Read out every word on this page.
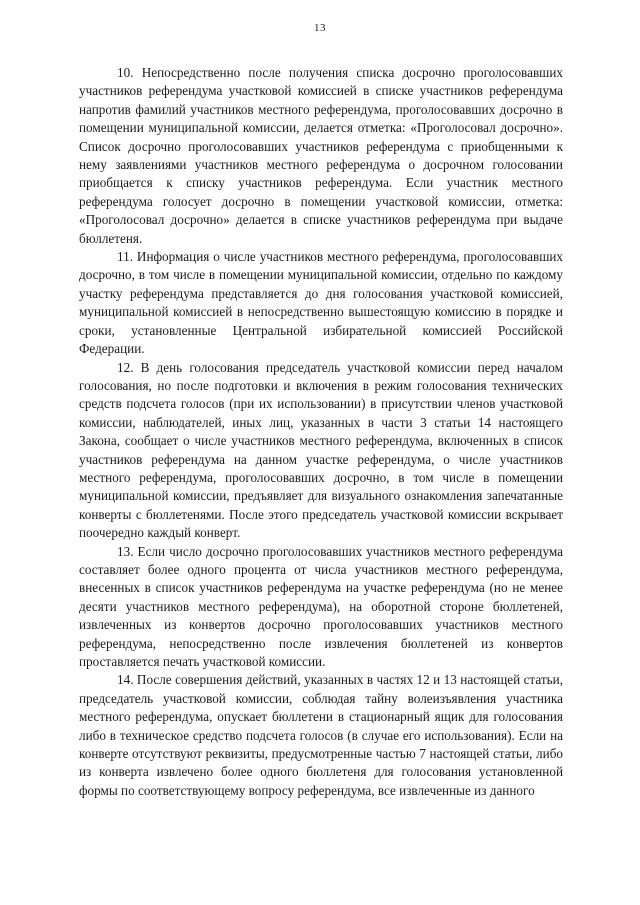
13

10. Непосредственно после получения списка досрочно проголосовавших участников референдума участковой комиссией в списке участников референдума напротив фамилий участников местного референдума, проголосовавших досрочно в помещении муниципальной комиссии, делается отметка: «Проголосовал досрочно». Список досрочно проголосовавших участников референдума с приобщенными к нему заявлениями участников местного референдума о досрочном голосовании приобщается к списку участников референдума. Если участник местного референдума голосует досрочно в помещении участковой комиссии, отметка: «Проголосовал досрочно» делается в списке участников референдума при выдаче бюллетеня.

11. Информация о числе участников местного референдума, проголосовавших досрочно, в том числе в помещении муниципальной комиссии, отдельно по каждому участку референдума представляется до дня голосования участковой комиссией, муниципальной комиссией в непосредственно вышестоящую комиссию в порядке и сроки, установленные Центральной избирательной комиссией Российской Федерации.

12. В день голосования председатель участковой комиссии перед началом голосования, но после подготовки и включения в режим голосования технических средств подсчета голосов (при их использовании) в присутствии членов участковой комиссии, наблюдателей, иных лиц, указанных в части 3 статьи 14 настоящего Закона, сообщает о числе участников местного референдума, включенных в список участников референдума на данном участке референдума, о числе участников местного референдума, проголосовавших досрочно, в том числе в помещении муниципальной комиссии, предъявляет для визуального ознакомления запечатанные конверты с бюллетенями. После этого председатель участковой комиссии вскрывает поочередно каждый конверт.

13. Если число досрочно проголосовавших участников местного референдума составляет более одного процента от числа участников местного референдума, внесенных в список участников референдума на участке референдума (но не менее десяти участников местного референдума), на оборотной стороне бюллетеней, извлеченных из конвертов досрочно проголосовавших участников местного референдума, непосредственно после извлечения бюллетеней из конвертов проставляется печать участковой комиссии.

14. После совершения действий, указанных в частях 12 и 13 настоящей статьи, председатель участковой комиссии, соблюдая тайну волеизъявления участника местного референдума, опускает бюллетени в стационарный ящик для голосования либо в техническое средство подсчета голосов (в случае его использования). Если на конверте отсутствуют реквизиты, предусмотренные частью 7 настоящей статьи, либо из конверта извлечено более одного бюллетеня для голосования установленной формы по соответствующему вопросу референдума, все извлеченные из данного
